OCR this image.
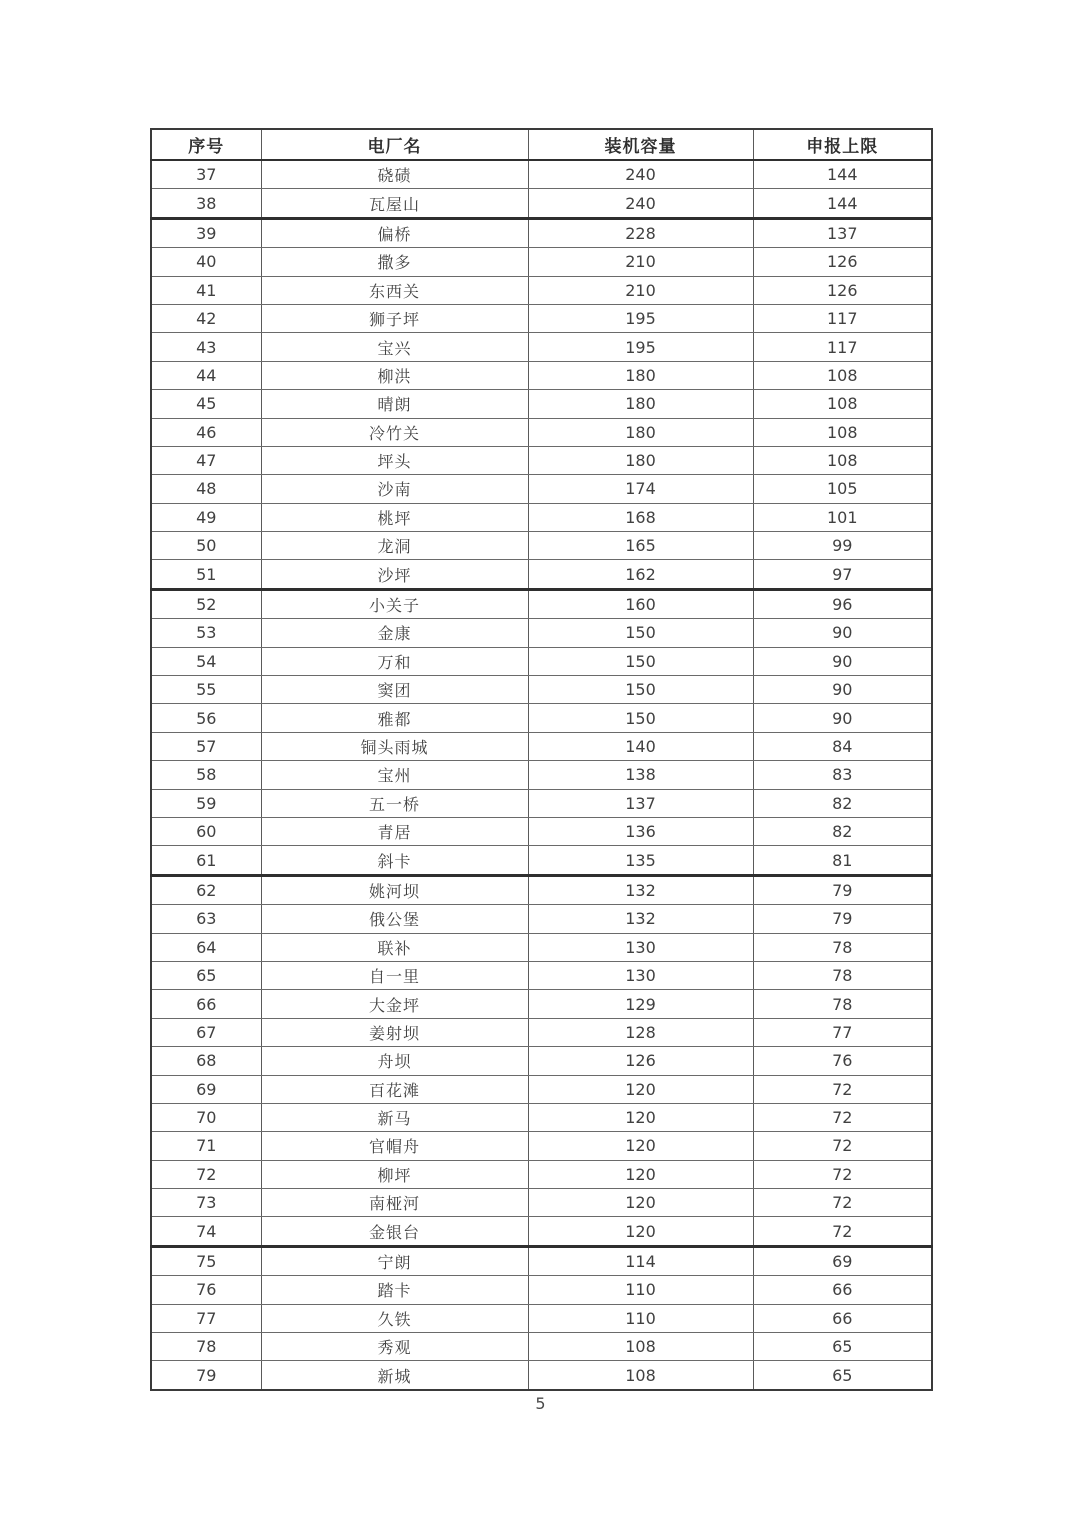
序号	电厂名	装机容量	申报上限
37	硗碛	240	144
38	瓦屋山	240	144
39	偏桥	228	137
40	撒多	210	126
41	东西关	210	126
42	狮子坪	195	117
43	宝兴	195	117
44	柳洪	180	108
45	晴朗	180	108
46	冷竹关	180	108
47	坪头	180	108
48	沙南	174	105
49	桃坪	168	101
50	龙洞	165	99
51	沙坪	162	97
52	小关子	160	96
53	金康	150	90
54	万和	150	90
55	窦团	150	90
56	雅都	150	90
57	铜头雨城	140	84
58	宝州	138	83
59	五一桥	137	82
60	青居	136	82
61	斜卡	135	81
62	姚河坝	132	79
63	俄公堡	132	79
64	联补	130	78
65	自一里	130	78
66	大金坪	129	78
67	姜射坝	128	77
68	舟坝	126	76
69	百花滩	120	72
70	新马	120	72
71	官帽舟	120	72
72	柳坪	120	72
73	南桠河	120	72
74	金银台	120	72
75	宁朗	114	69
76	踏卡	110	66
77	久铁	110	66
78	秀观	108	65
79	新城	108	65
5
